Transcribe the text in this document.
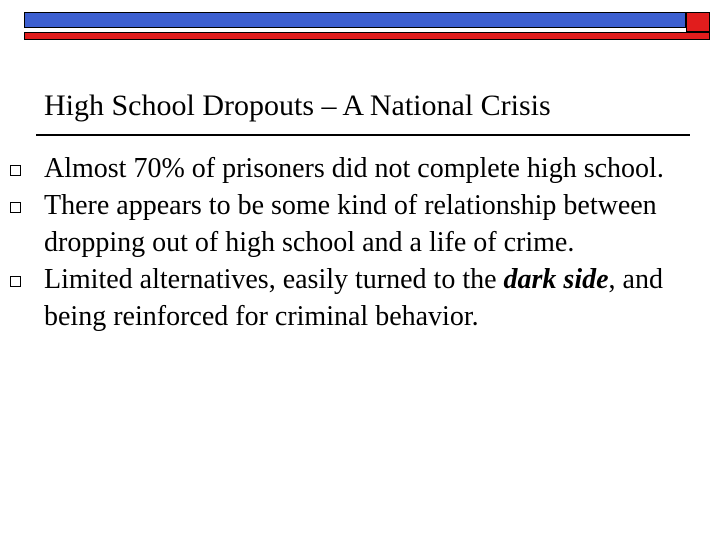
High School Dropouts – A National Crisis
Almost 70% of prisoners did not complete high school.
There appears to be some kind of relationship between dropping out of high school and a life of crime.
Limited alternatives, easily turned to the dark side, and being reinforced for criminal behavior.
